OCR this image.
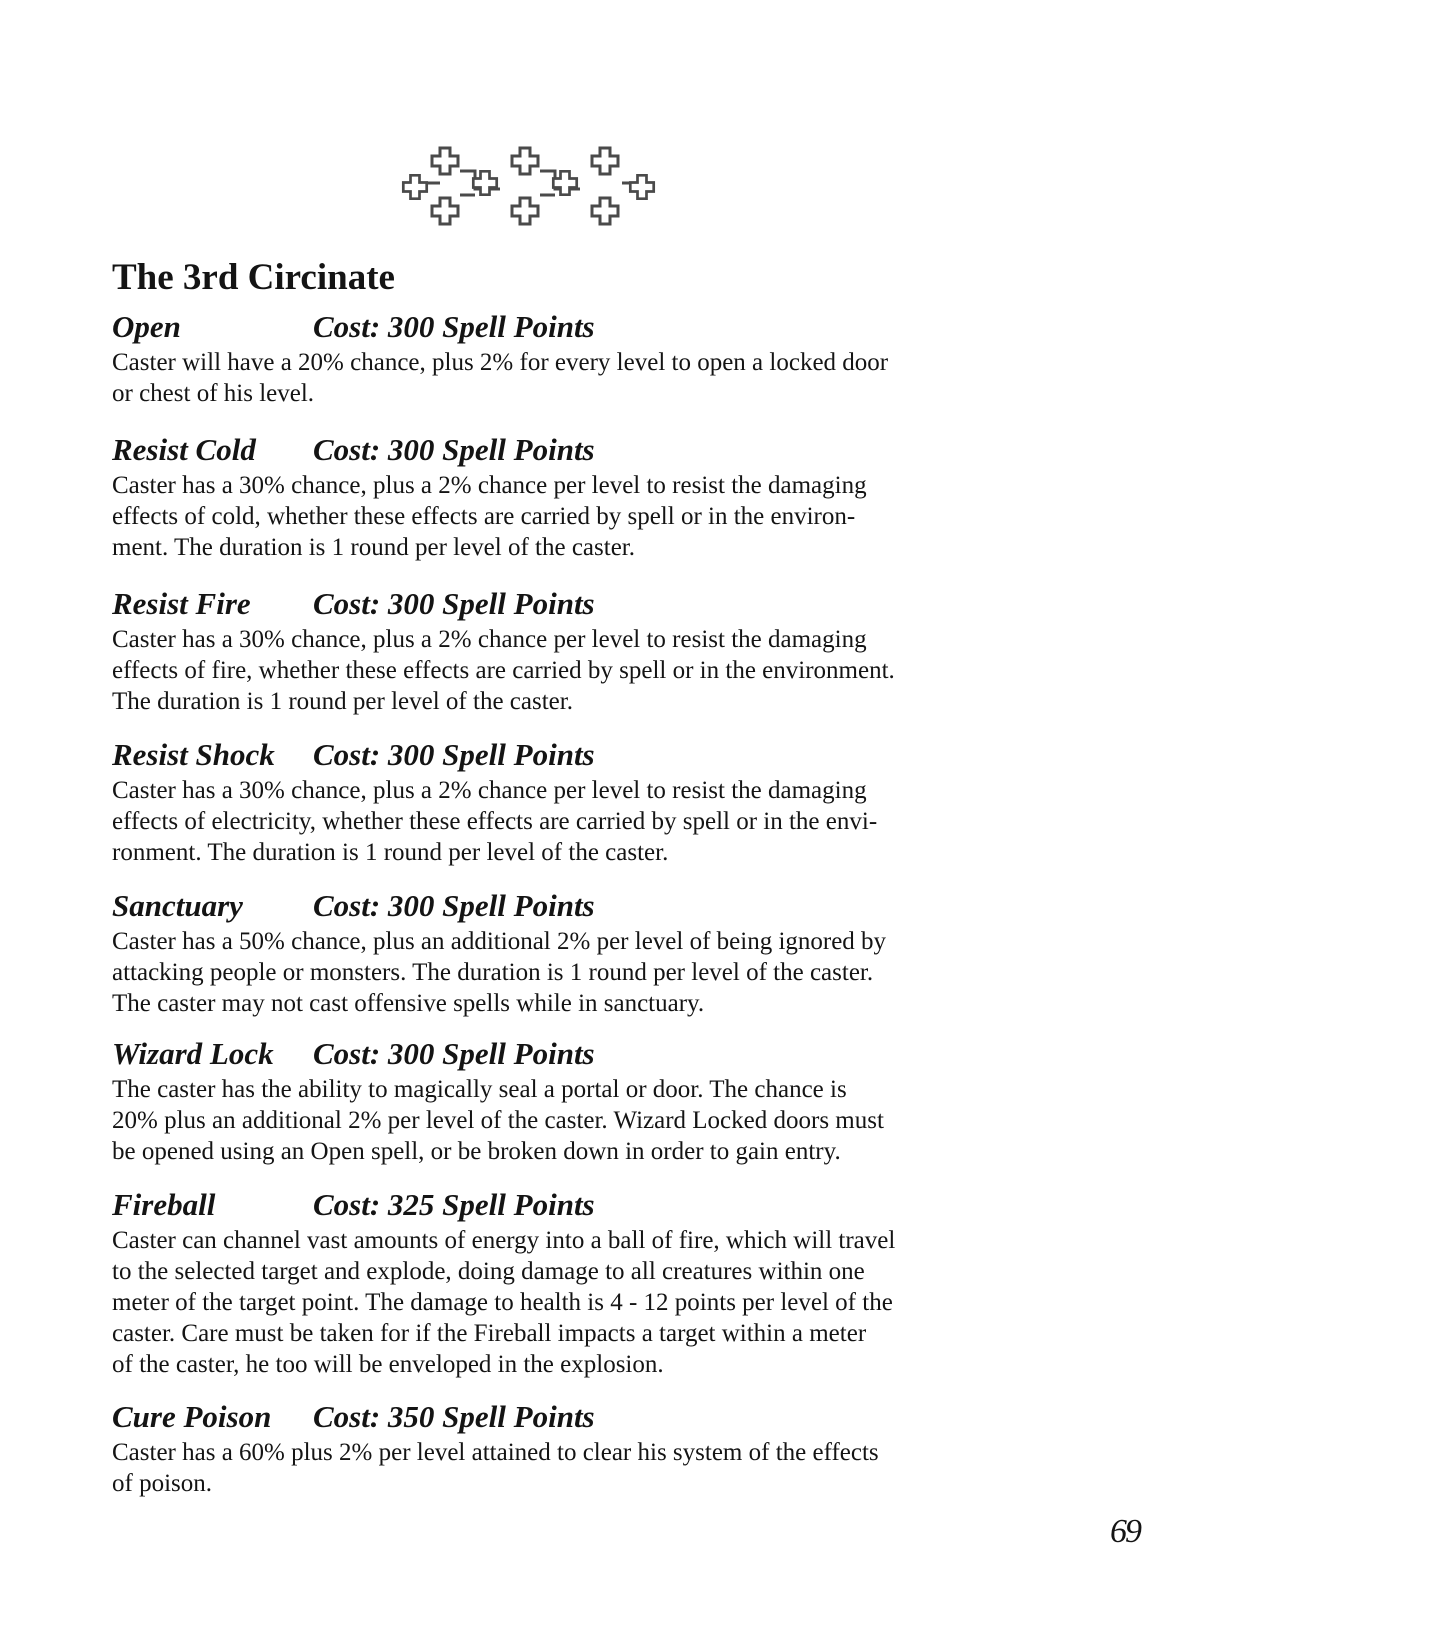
The 3rd Circinate
Open	Cost: 300 Spell Points

Caster will have a 20% chance, plus 2% for every level to open a locked door
or chest of his level.

Resist Cold Cost: 300 Spell Points

Caster has a 30% chance, plus a 2% chance per level to resist the damaging
effects of cold, whether these effects are carried by spell or in the environ-
ment. The duration is 1 round per level of the caster.

Resist Fire Cost: 300 Spell Points

Caster has a 30% chance, plus a 2% chance per level to resist the damaging
effects of fire, whether these effects are carried by spell or in the environment.
The duration is 1 round per level of the caster.

Resist Shock Cost: 300 Spell Points

Caster has a 30% chance, plus a 2% chance per level to resist the damaging
effects of electricity, whether these effects are carried by spell or in the envi-
ronment. The duration is 1 round per level of the caster.

Sanctuary Cost: 300 Spell Points

Caster has a 50% chance, plus an additional 2% per level of being ignored by
attacking people or monsters. The duration is 1 round per level of the caster.
The caster may not cast offensive spells while in sanctuary.

Wizard Lock Cost: 300 Spell Points

The caster has the ability to magically seal a portal or door. The chance is
20% plus an additional 2% per level of the caster. Wizard Locked doors must
be opened using an Open spell, or be broken down in order to gain entry.

Fireball	Cost: 325 Spell Points

Caster can channel vast amounts of energy into a ball of fire, which will travel
to the selected target and explode, doing damage to all creatures within one
meter of the target point. The damage to health is 4 - 12 points per level of the
caster. Care must be taken for if the Fireball impacts a target within a meter
of the caster, he too will be enveloped in the explosion.

Cure Poison Cost: 350 Spell Points

Caster has a 60% plus 2% per level attained to clear his system of the effects
of poison.

69
